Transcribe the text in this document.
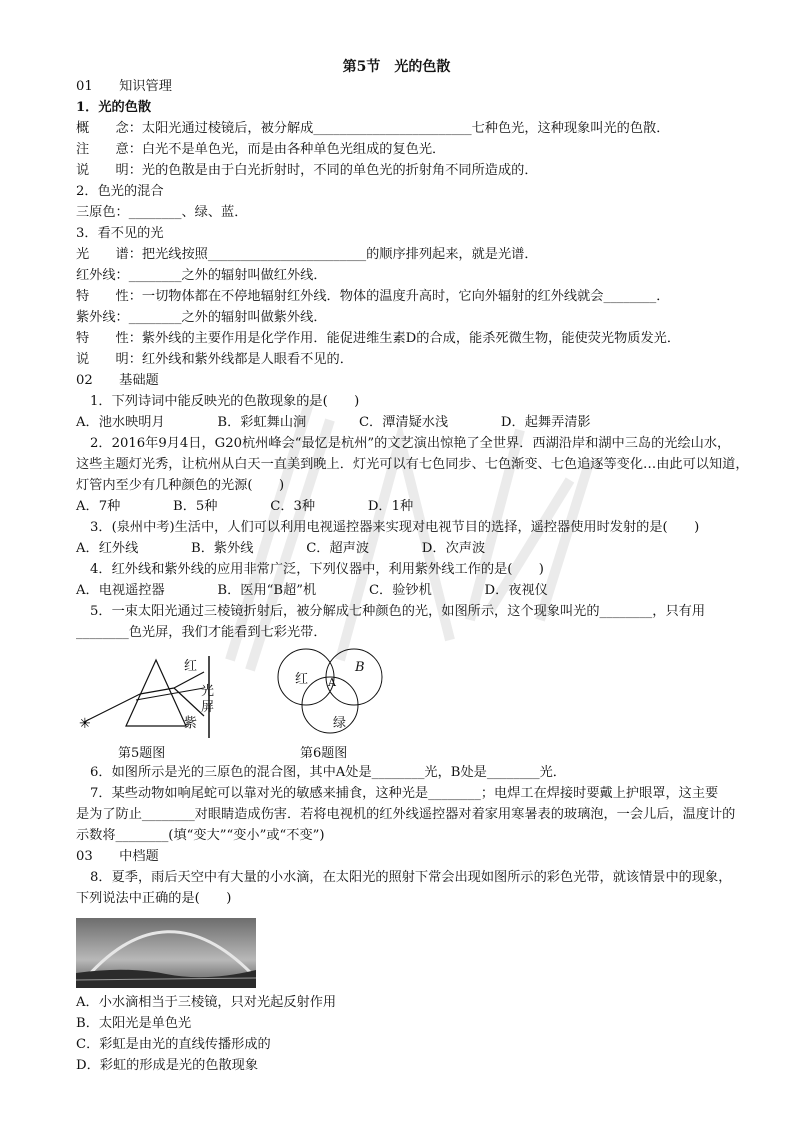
第5节　光的色散
01　　知识管理
1．光的色散
概　　念：太阳光通过棱镜后，被分解成________________________七种色光，这种现象叫光的色散．
注　　意：白光不是单色光，而是由各种单色光组成的复色光．
说　　明：光的色散是由于白光折射时，不同的单色光的折射角不同所造成的．
2．色光的混合
三原色：________、绿、蓝．
3．看不见的光
光　　谱：把光线按照________________________的顺序排列起来，就是光谱．
红外线：________之外的辐射叫做红外线．
特　　性：一切物体都在不停地辐射红外线．物体的温度升高时，它向外辐射的红外线就会________．
紫外线：________之外的辐射叫做紫外线．
特　　性：紫外线的主要作用是化学作用．能促进维生素D的合成，能杀死微生物，能使荧光物质发光．
说　　明：红外线和紫外线都是人眼看不见的．
02　　基础题
1．下列诗词中能反映光的色散现象的是(　　)
A．池水映明月　　　　B．彩虹舞山涧　　　　C．潭清疑水浅　　　　D．起舞弄清影
2．2016年9月4日，G20杭州峰会“最忆是杭州”的文艺演出惊艳了全世界．西湖沿岸和湖中三岛的光绘山水，
这些主题灯光秀，让杭州从白天一直美到晚上．灯光可以有七色同步、七色渐变、七色追逐等变化…由此可以知道，
灯管内至少有几种颜色的光源(　　)
A．7种　　　　B．5种　　　　C．3种　　　　D．1种
3．(泉州中考)生活中，人们可以利用电视遥控器来实现对电视节目的选择，遥控器使用时发射的是(　　)
A．红外线　　　　B．紫外线　　　　C．超声波　　　　D．次声波
4．红外线和紫外线的应用非常广泛，下列仪器中，利用紫外线工作的是(　　)
A．电视遥控器　　　　B．医用“B超”机　　　　C．验钞机　　　　D．夜视仪
5．一束太阳光通过三棱镜折射后，被分解成七种颜色的光，如图所示，这个现象叫光的________，只有用
________色光屏，我们才能看到七彩光带．
✳
红
光
屏
紫
第5题图
红 A
B
绿
第6题图
6．如图所示是光的三原色的混合图，其中A处是________光，B处是________光．
7．某些动物如响尾蛇可以靠对光的敏感来捕食，这种光是________；电焊工在焊接时要戴上护眼罩，这主要
是为了防止________对眼睛造成伤害．若将电视机的红外线遥控器对着家用寒暑表的玻璃泡，一会儿后，温度计的
示数将________(填“变大”“变小”或“不变”)
03　　中档题
8．夏季，雨后天空中有大量的小水滴，在太阳光的照射下常会出现如图所示的彩色光带，就该情景中的现象，
下列说法中正确的是(　　)
A．小水滴相当于三棱镜，只对光起反射作用
B．太阳光是单色光
C．彩虹是由光的直线传播形成的
D．彩虹的形成是光的色散现象
